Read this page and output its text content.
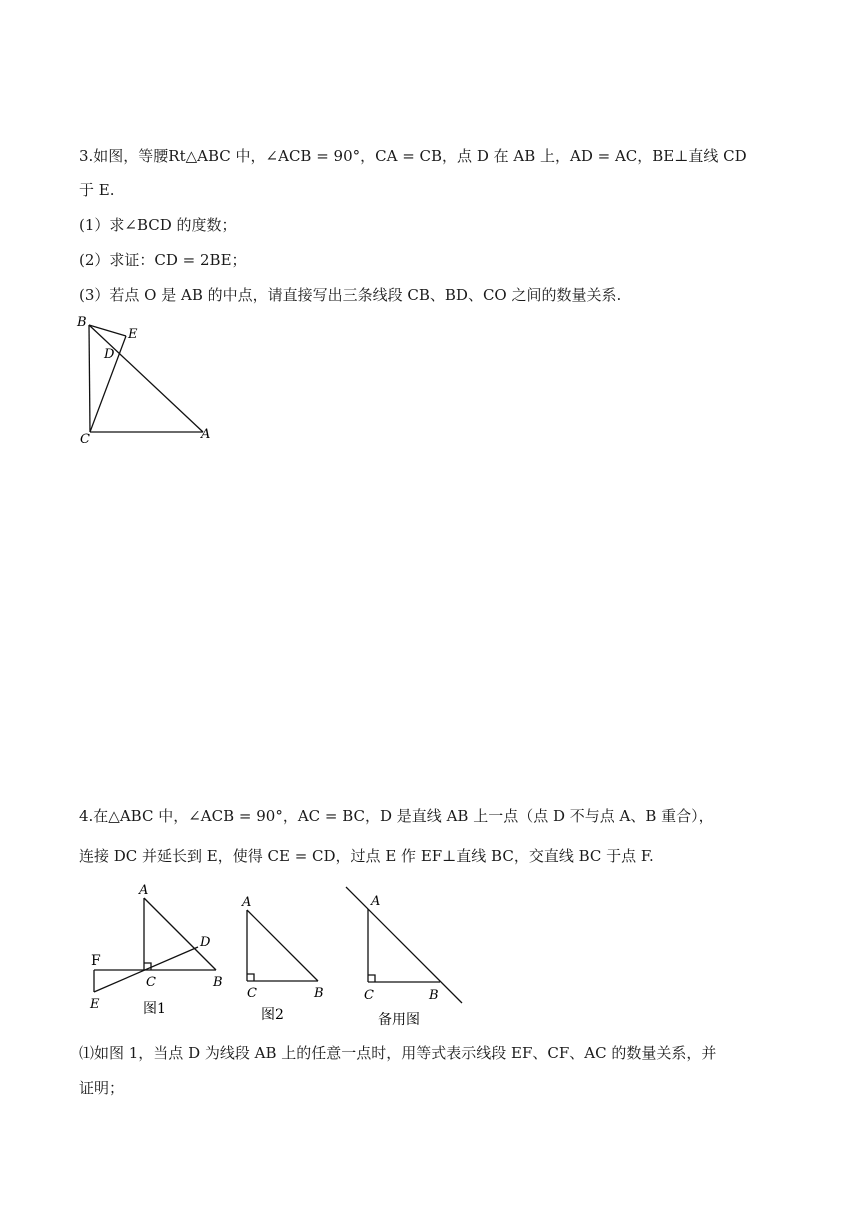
3.如图，等腰Rt△ABC 中，∠ACB = 90°，CA = CB，点 D 在 AB 上，AD = AC，BE⊥直线 CD
于 E.
(1）求∠BCD 的度数；
(2）求证：CD = 2BE；
(3）若点 O 是 AB 的中点，请直接写出三条线段 CB、BD、CO 之间的数量关系.
B
E
D
C	A
4.在△ABC 中，∠ACB = 90°，AC = BC，D 是直线 AB 上一点（点 D 不与点 A、B 重合），
连接 DC 并延长到 E，使得 CE = CD，过点 E 作 EF⊥直线 BC，交直线 BC 于点 F.
A
D
F
C	B
E	图1
A
C	B
图2
A
C	B
备用图
⑴如图 1，当点 D 为线段 AB 上的任意一点时，用等式表示线段 EF、CF、AC 的数量关系，并
证明；
